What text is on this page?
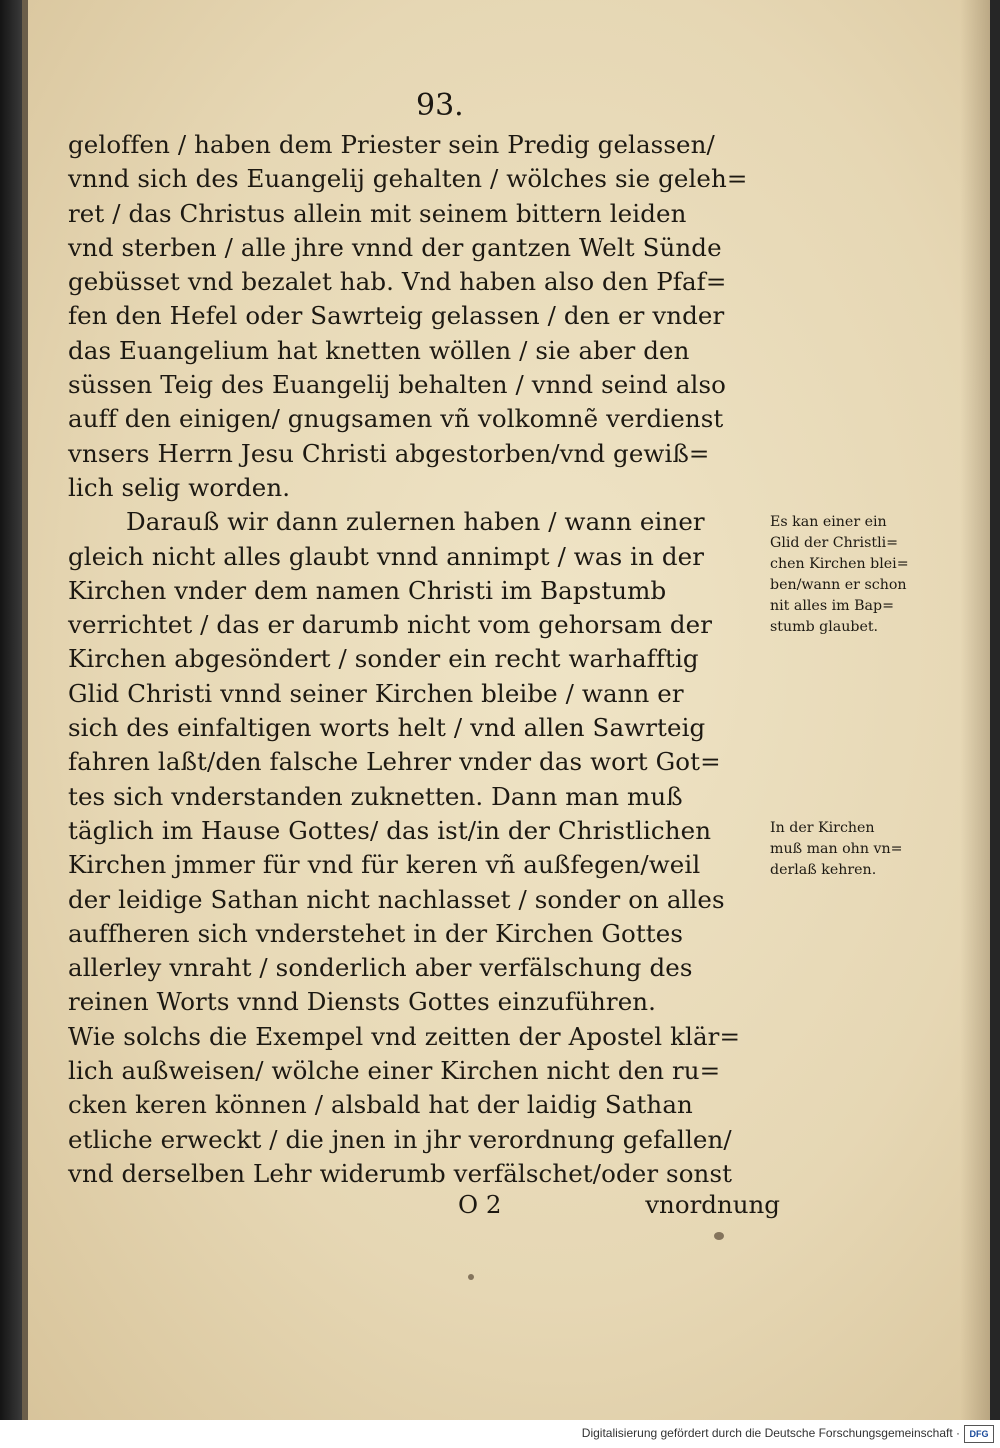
93.
geloffen / haben dem Priester sein Predig gelassen/
vnnd sich des Euangelij gehalten / wölches sie geleh=
ret / das Christus allein mit seinem bittern leiden
vnd sterben / alle jhre vnnd der gantzen Welt Sünde
gebüsset vnd bezalet hab. Vnd haben also den Pfaf=
fen den Hefel oder Sawrteig gelassen / den er vnder
das Euangelium hat knetten wöllen / sie aber den
süssen Teig des Euangelij behalten / vnnd seind also
auff den einigen/ gnugsamen vñ volkomnẽ verdienst
vnsers Herrn Jesu Christi abgestorben/vnd gewiß=
lich selig worden.
Darauß wir dann zulernen haben / wann einer
gleich nicht alles glaubt vnnd annimpt / was in der
Kirchen vnder dem namen Christi im Bapstumb
verrichtet / das er darumb nicht vom gehorsam der
Kirchen abgesöndert / sonder ein recht warhafftig
Glid Christi vnnd seiner Kirchen bleibe / wann er
sich des einfaltigen worts helt / vnd allen Sawrteig
fahren laßt/den falsche Lehrer vnder das wort Got=
tes sich vnderstanden zuknetten. Dann man muß
täglich im Hause Gottes/ das ist/in der Christlichen
Kirchen jmmer für vnd für keren vñ außfegen/weil
der leidige Sathan nicht nachlasset / sonder on alles
auffheren sich vnderstehet in der Kirchen Gottes
allerley vnraht / sonderlich aber verfälschung des
reinen Worts vnnd Diensts Gottes einzuführen.
Wie solchs die Exempel vnd zeitten der Apostel klär=
lich außweisen/ wölche einer Kirchen nicht den ru=
cken keren können / alsbald hat der laidig Sathan
etliche erweckt / die jnen in jhr verordnung gefallen/
vnd derselben Lehr widerumb verfälschet/oder sonst
O 2	vnordnung
Es kan einer ein
Glid der Christli=
chen Kirchen blei=
ben/wann er schon
nit alles im Bap=
stumb glaubet.
In der Kirchen
muß man ohn vn=
derlaß kehren.
Digitalisierung gefördert durch die Deutsche Forschungsgemeinschaft ·	DFG
